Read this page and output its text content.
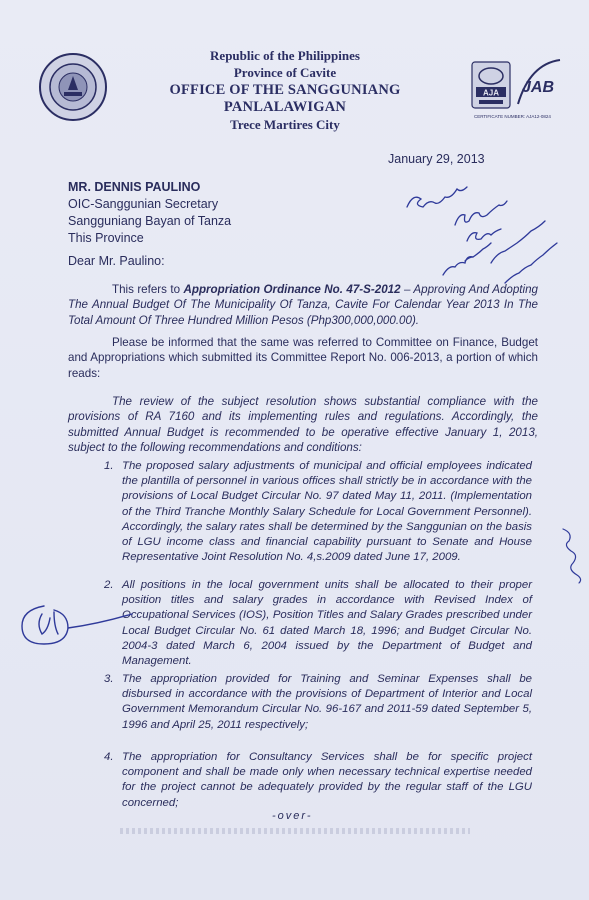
Republic of the Philippines
Province of Cavite
OFFICE OF THE SANGGUNIANG PANLALAWIGAN
Trece Martires City
AJA JAB
CERTIFICATE NUMBER: AJA12-0824
January 29, 2013
MR. DENNIS PAULINO
OIC-Sanggunian Secretary
Sangguniang Bayan of Tanza
This Province
Dear Mr. Paulino:
This refers to Appropriation Ordinance No. 47-S-2012 – Approving And Adopting The Annual Budget Of The Municipality Of Tanza, Cavite For Calendar Year 2013 In The Total Amount Of Three Hundred Million Pesos (Php300,000,000.00).
Please be informed that the same was referred to Committee on Finance, Budget and Appropriations which submitted its Committee Report No. 006-2013, a portion of which reads:
The review of the subject resolution shows substantial compliance with the provisions of RA 7160 and its implementing rules and regulations. Accordingly, the submitted Annual Budget is recommended to be operative effective January 1, 2013, subject to the following recommendations and conditions:
1. The proposed salary adjustments of municipal and official employees indicated the plantilla of personnel in various offices shall strictly be in accordance with the provisions of Local Budget Circular No. 97 dated May 11, 2011. (Implementation of the Third Tranche Monthly Salary Schedule for Local Government Personnel). Accordingly, the salary rates shall be determined by the Sanggunian on the basis of LGU income class and financial capability pursuant to Senate and House Representative Joint Resolution No. 4,s.2009 dated June 17, 2009.
2. All positions in the local government units shall be allocated to their proper position titles and salary grades in accordance with Revised Index of Occupational Services (IOS), Position Titles and Salary Grades prescribed under Local Budget Circular No. 61 dated March 18, 1996; and Budget Circular No. 2004-3 dated March 6, 2004 issued by the Department of Budget and Management.
3. The appropriation provided for Training and Seminar Expenses shall be disbursed in accordance with the provisions of Department of Interior and Local Government Memorandum Circular No. 96-167 and 2011-59 dated September 5, 1996 and April 25, 2011 respectively;
4. The appropriation for Consultancy Services shall be for specific project component and shall be made only when necessary technical expertise needed for the project cannot be adequately provided by the regular staff of the LGU concerned;
-over-
